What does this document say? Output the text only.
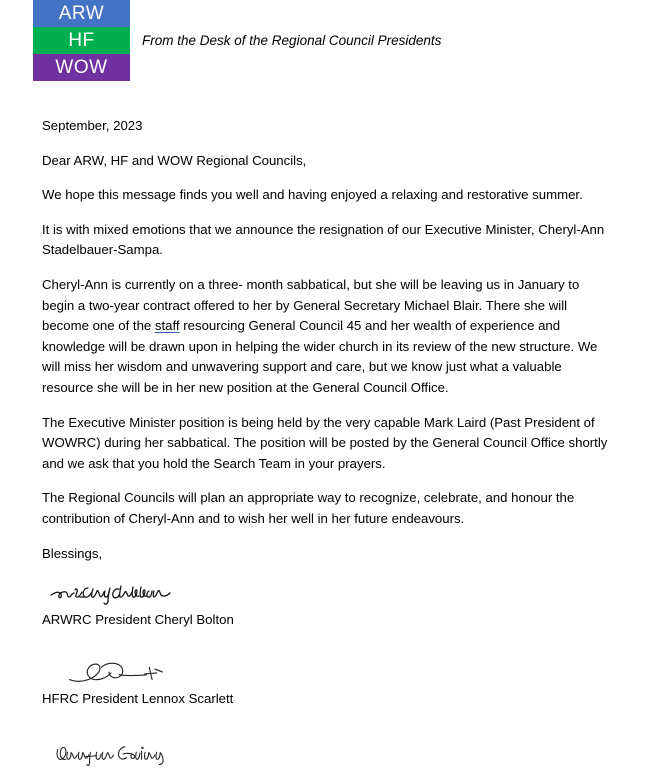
ARW
HF
WOW
From the Desk of the Regional Council Presidents

September, 2023

Dear ARW, HF and WOW Regional Councils,

We hope this message finds you well and having enjoyed a relaxing and restorative summer.

It is with mixed emotions that we announce the resignation of our Executive Minister, Cheryl-Ann Stadelbauer-Sampa.

Cheryl-Ann is currently on a three- month sabbatical, but she will be leaving us in January to begin a two-year contract offered to her by General Secretary Michael Blair. There she will become one of the staff resourcing General Council 45 and her wealth of experience and knowledge will be drawn upon in helping the wider church in its review of the new structure. We will miss her wisdom and unwavering support and care, but we know just what a valuable resource she will be in her new position at the General Council Office.

The Executive Minister position is being held by the very capable Mark Laird (Past President of WOWRC) during her sabbatical. The position will be posted by the General Council Office shortly and we ask that you hold the Search Team in your prayers.

The Regional Councils will plan an appropriate way to recognize, celebrate, and honour the contribution of Cheryl-Ann and to wish her well in her future endeavours.

Blessings,

ARWRC President Cheryl Bolton

HFRC President Lennox Scarlett
